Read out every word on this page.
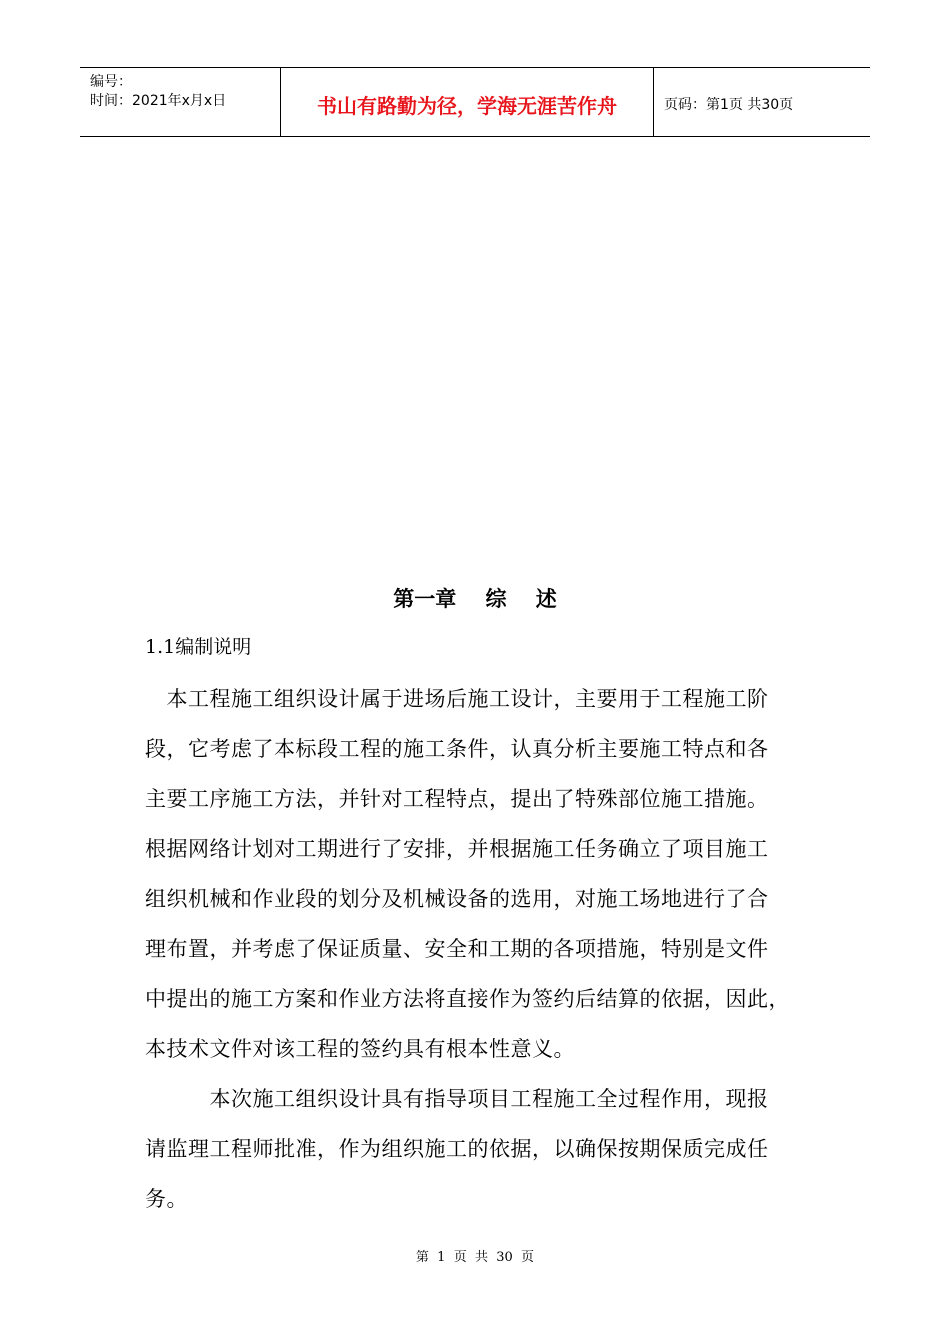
编号：
时间：2021年x月x日	书山有路勤为径，学海无涯苦作舟	页码：第1页 共30页
第一章    综    述
1.1编制说明
　本工程施工组织设计属于进场后施工设计，主要用于工程施工阶
段，它考虑了本标段工程的施工条件，认真分析主要施工特点和各
主要工序施工方法，并针对工程特点，提出了特殊部位施工措施。
根据网络计划对工期进行了安排，并根据施工任务确立了项目施工
组织机械和作业段的划分及机械设备的选用，对施工场地进行了合
理布置，并考虑了保证质量、安全和工期的各项措施，特别是文件
中提出的施工方案和作业方法将直接作为签约后结算的依据，因此，
本技术文件对该工程的签约具有根本性意义。
　　　本次施工组织设计具有指导项目工程施工全过程作用，现报
请监理工程师批准，作为组织施工的依据，以确保按期保质完成任
务。
第  1  页  共  30  页
